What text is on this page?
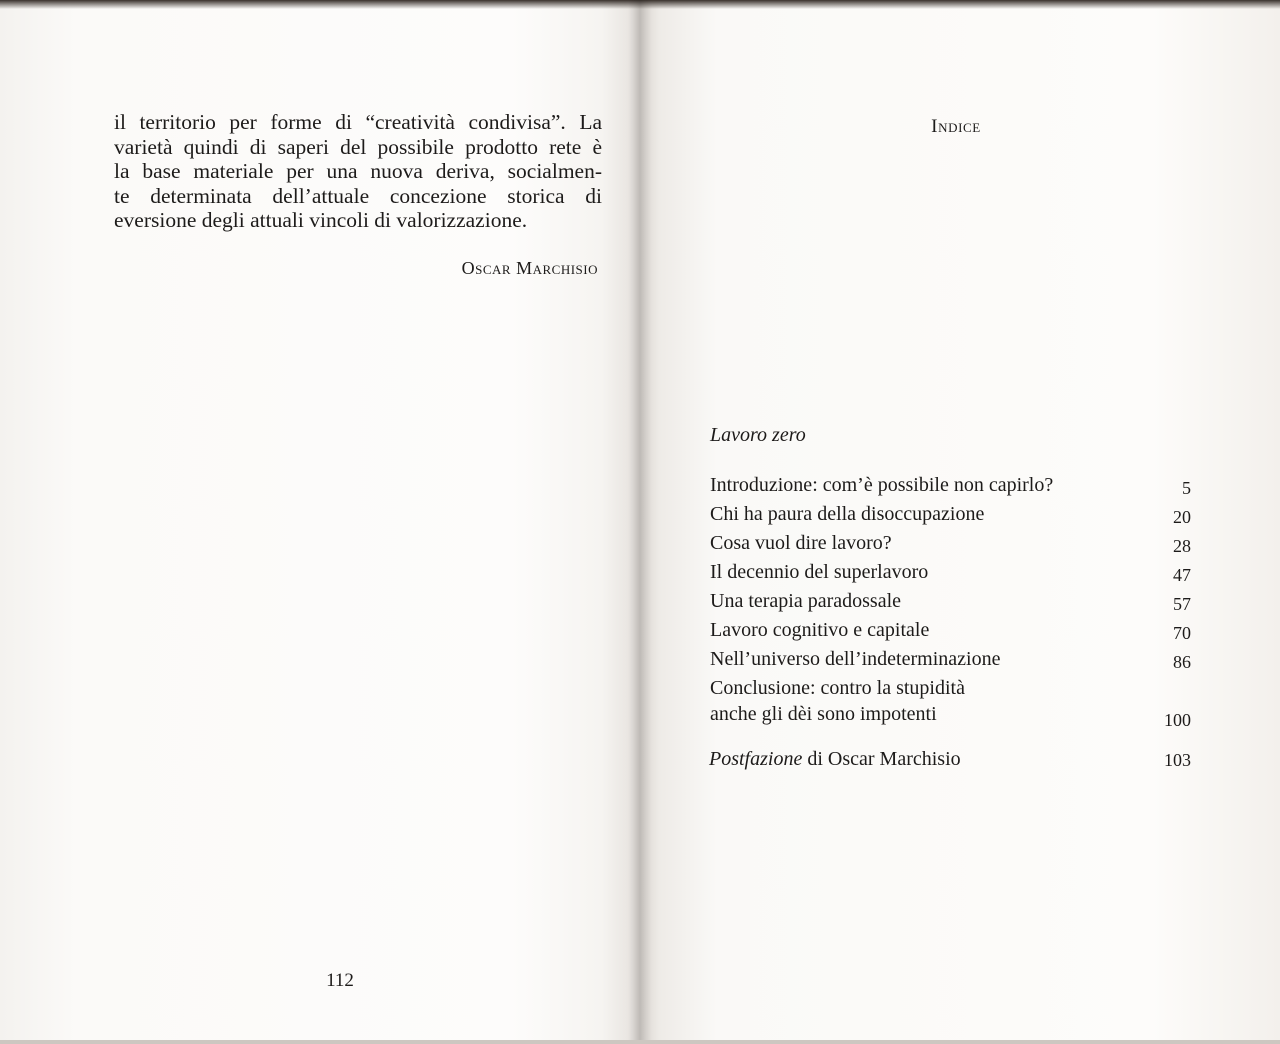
il territorio per forme di “creatività condivisa”. La
varietà quindi di saperi del possibile prodotto rete è
la base materiale per una nuova deriva, socialmen-
te determinata dell’attuale concezione storica di
eversione degli attuali vincoli di valorizzazione.

Oscar Marchisio
112
Indice
Lavoro zero
Introduzione: com’è possibile non capirlo?	5
Chi ha paura della disoccupazione	20
Cosa vuol dire lavoro?	28
Il decennio del superlavoro	47
Una terapia paradossale	57
Lavoro cognitivo e capitale	70
Nell’universo dell’indeterminazione	86
Conclusione: contro la stupidità
anche gli dèi sono impotenti	100
Postfazione di Oscar Marchisio	103
